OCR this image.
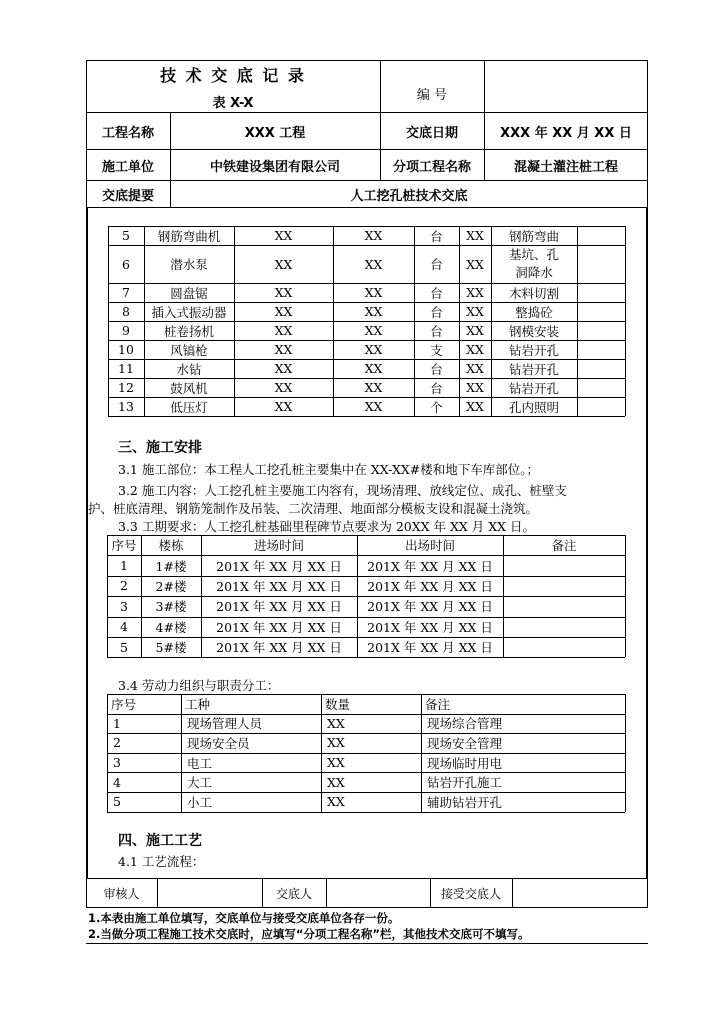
技 术 交 底 记 录
表 X-X
编 号
工程名称	XXX 工程	交底日期	XXX 年 XX 月 XX 日
施工单位	中铁建设集团有限公司	分项工程名称	混凝土灌注桩工程
交底提要	人工挖孔桩技术交底
5	钢筋弯曲机	XX	XX	台	XX	钢筋弯曲
6	潜水泵	XX	XX	台	XX
基坑、孔
洞降水
7	圆盘锯	XX	XX	台	XX	木料切割
8	插入式振动器	XX	XX	台	XX	整捣砼
9	桩卷扬机	XX	XX	台	XX	钢模安装
10	风镐枪	XX	XX	支	XX	钻岩开孔
11	水钻	XX	XX	台	XX	钻岩开孔
12	鼓风机	XX	XX	台	XX	钻岩开孔
13	低压灯	XX	XX	个	XX	孔内照明
三、施工安排
3.1 施工部位：本工程人工挖孔桩主要集中在 XX-XX#楼和地下车库部位。；
3.2 施工内容：人工挖孔桩主要施工内容有，现场清理、放线定位、成孔、桩壁支
护、桩底清理、钢筋笼制作及吊装、二次清理、地面部分模板支设和混凝土浇筑。
3.3 工期要求：人工挖孔桩基础里程碑节点要求为 20XX 年 XX 月 XX 日。
序号	楼栋	进场时间	出场时间	备注
1	1#楼	201X 年 XX 月 XX 日	201X 年 XX 月 XX 日
2	2#楼	201X 年 XX 月 XX 日	201X 年 XX 月 XX 日
3	3#楼	201X 年 XX 月 XX 日	201X 年 XX 月 XX 日
4	4#楼	201X 年 XX 月 XX 日	201X 年 XX 月 XX 日
5	5#楼	201X 年 XX 月 XX 日	201X 年 XX 月 XX 日
3.4 劳动力组织与职责分工：
序号	工种	数量	备注
1	现场管理人员	XX	现场综合管理
2	现场安全员	XX	现场安全管理
3	电工	XX	现场临时用电
4	大工	XX	钻岩开孔施工
5	小工	XX	辅助钻岩开孔
四、施工工艺
4.1 工艺流程：
审核人	交底人	接受交底人
1.本表由施工单位填写，交底单位与接受交底单位各存一份。
2.当做分项工程施工技术交底时，应填写“分项工程名称”栏，其他技术交底可不填写。
